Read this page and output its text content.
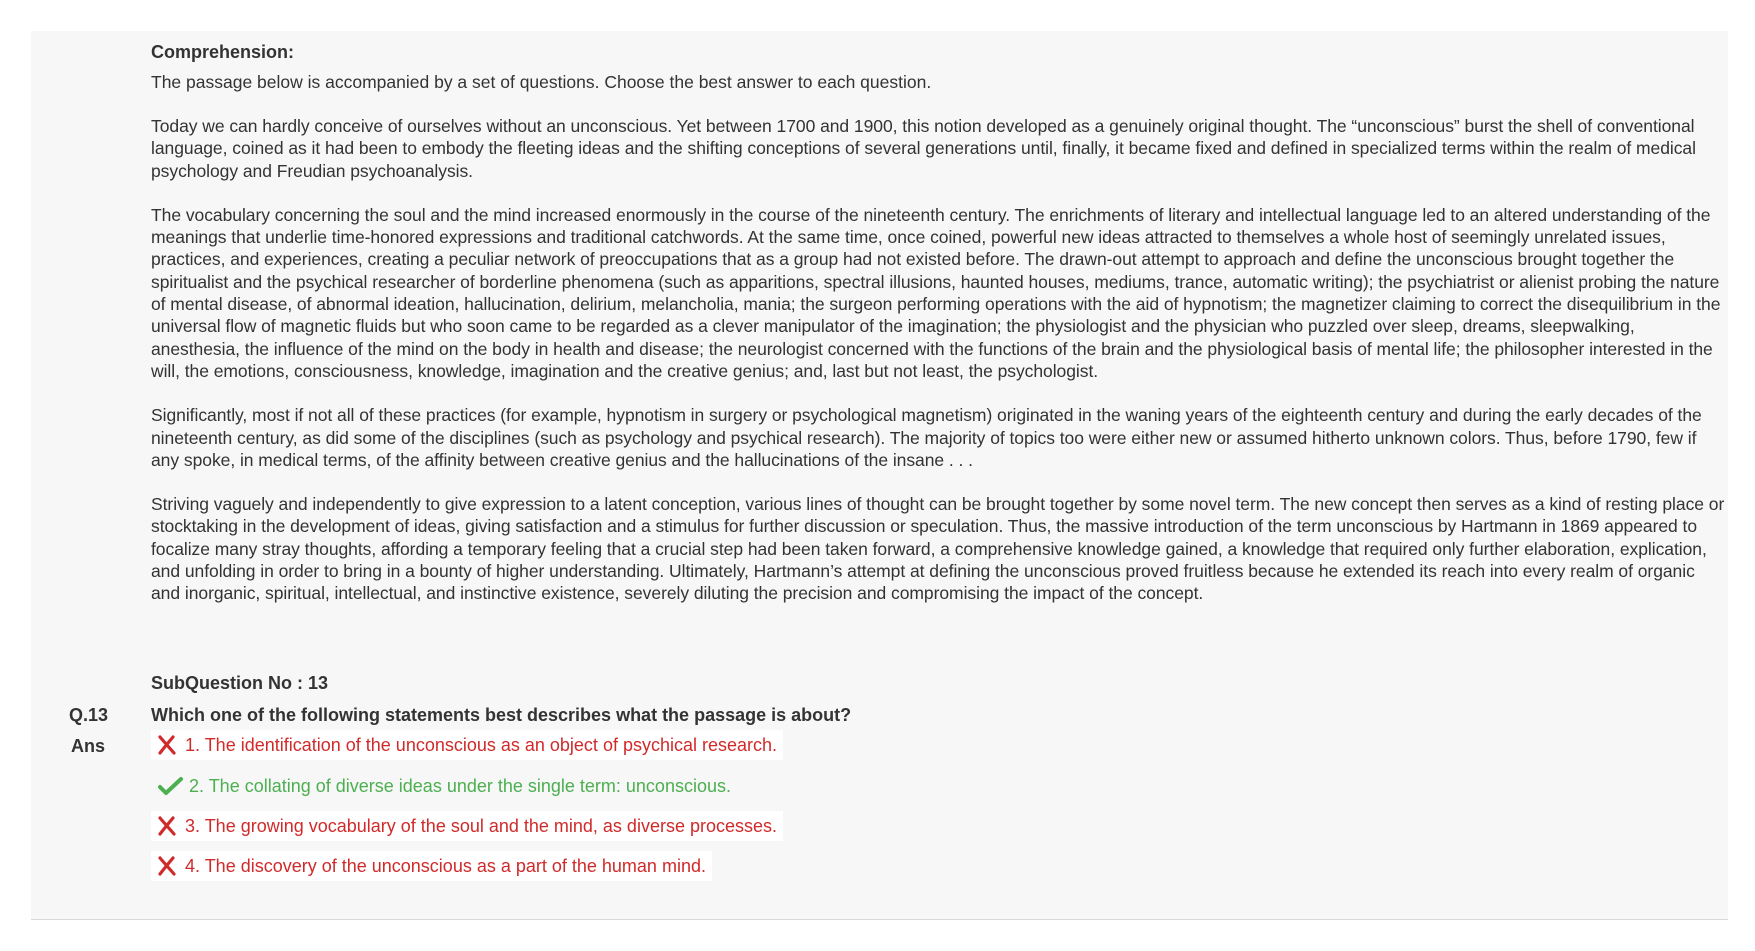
Comprehension:

The passage below is accompanied by a set of questions. Choose the best answer to each question.

Today we can hardly conceive of ourselves without an unconscious. Yet between 1700 and 1900, this notion developed as a genuinely original thought. The “unconscious” burst the shell of conventional language, coined as it had been to embody the fleeting ideas and the shifting conceptions of several generations until, finally, it became fixed and defined in specialized terms within the realm of medical psychology and Freudian psychoanalysis.

The vocabulary concerning the soul and the mind increased enormously in the course of the nineteenth century. The enrichments of literary and intellectual language led to an altered understanding of the meanings that underlie time-honored expressions and traditional catchwords. At the same time, once coined, powerful new ideas attracted to themselves a whole host of seemingly unrelated issues, practices, and experiences, creating a peculiar network of preoccupations that as a group had not existed before. The drawn-out attempt to approach and define the unconscious brought together the spiritualist and the psychical researcher of borderline phenomena (such as apparitions, spectral illusions, haunted houses, mediums, trance, automatic writing); the psychiatrist or alienist probing the nature of mental disease, of abnormal ideation, hallucination, delirium, melancholia, mania; the surgeon performing operations with the aid of hypnotism; the magnetizer claiming to correct the disequilibrium in the universal flow of magnetic fluids but who soon came to be regarded as a clever manipulator of the imagination; the physiologist and the physician who puzzled over sleep, dreams, sleepwalking, anesthesia, the influence of the mind on the body in health and disease; the neurologist concerned with the functions of the brain and the physiological basis of mental life; the philosopher interested in the will, the emotions, consciousness, knowledge, imagination and the creative genius; and, last but not least, the psychologist.

Significantly, most if not all of these practices (for example, hypnotism in surgery or psychological magnetism) originated in the waning years of the eighteenth century and during the early decades of the nineteenth century, as did some of the disciplines (such as psychology and psychical research). The majority of topics too were either new or assumed hitherto unknown colors. Thus, before 1790, few if any spoke, in medical terms, of the affinity between creative genius and the hallucinations of the insane . . .

Striving vaguely and independently to give expression to a latent conception, various lines of thought can be brought together by some novel term. The new concept then serves as a kind of resting place or stocktaking in the development of ideas, giving satisfaction and a stimulus for further discussion or speculation. Thus, the massive introduction of the term unconscious by Hartmann in 1869 appeared to focalize many stray thoughts, affording a temporary feeling that a crucial step had been taken forward, a comprehensive knowledge gained, a knowledge that required only further elaboration, explication, and unfolding in order to bring in a bounty of higher understanding. Ultimately, Hartmann’s attempt at defining the unconscious proved fruitless because he extended its reach into every realm of organic and inorganic, spiritual, intellectual, and instinctive existence, severely diluting the precision and compromising the impact of the concept.

SubQuestion No : 13
Q.13 Which one of the following statements best describes what the passage is about?
Ans	1. The identification of the unconscious as an object of psychical research.
2. The collating of diverse ideas under the single term: unconscious.
3. The growing vocabulary of the soul and the mind, as diverse processes.
4. The discovery of the unconscious as a part of the human mind.
